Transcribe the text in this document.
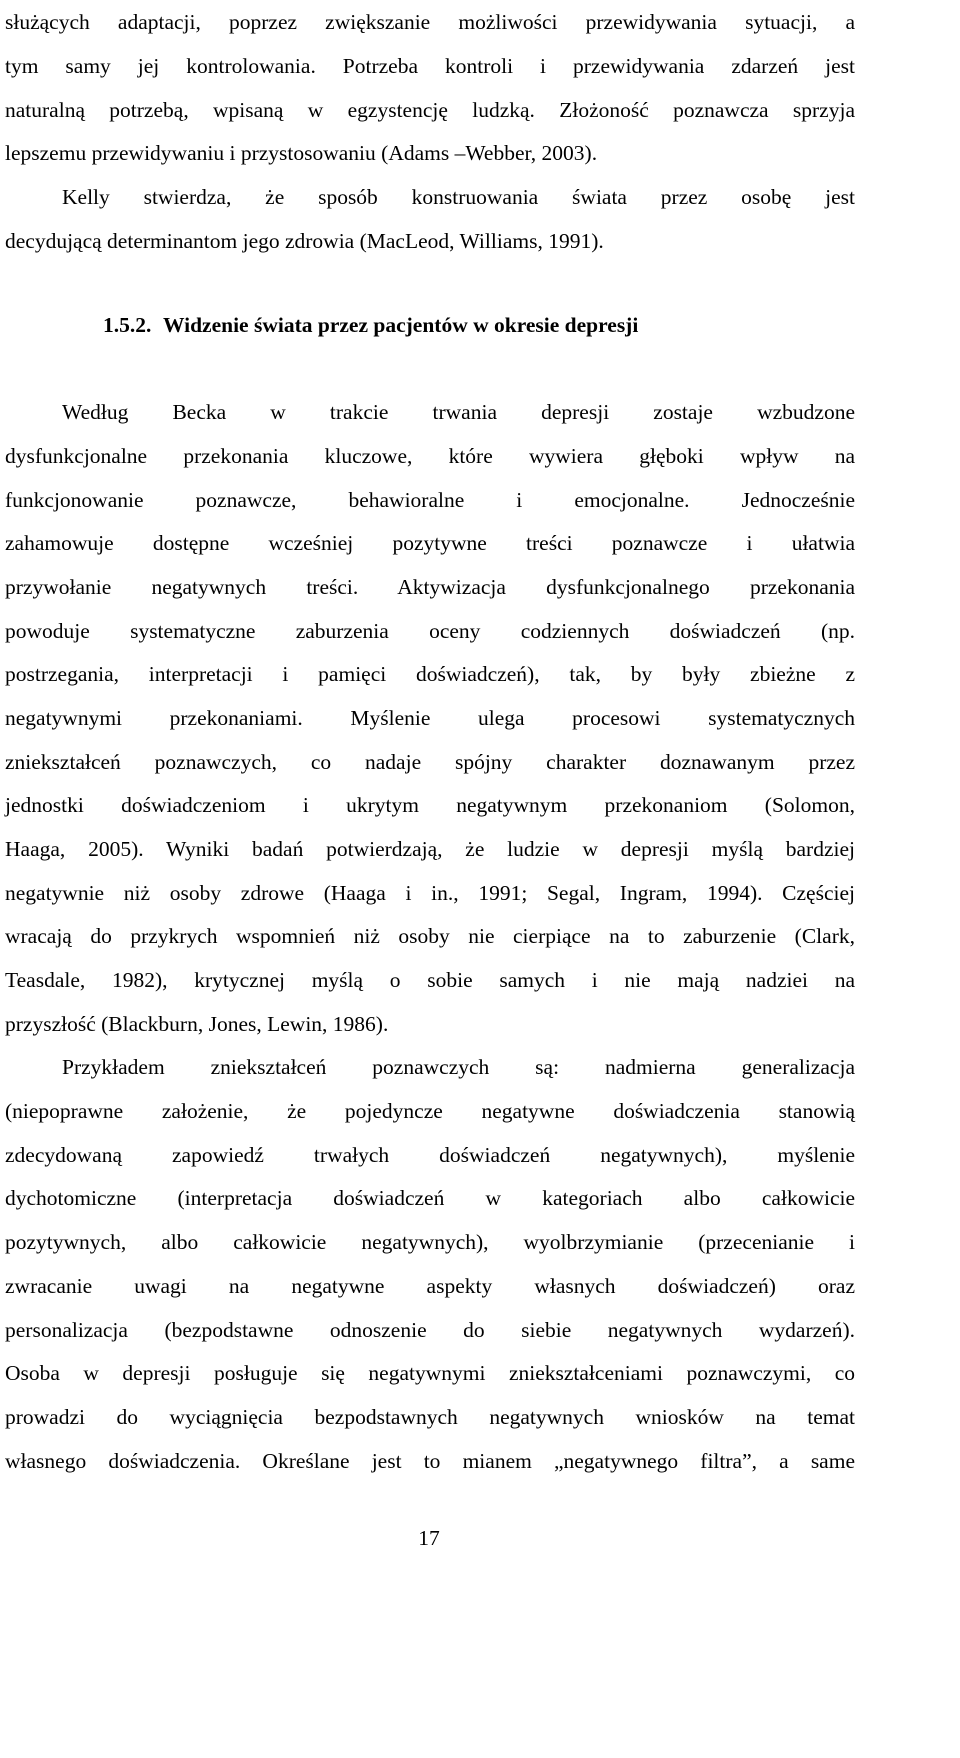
służących adaptacji, poprzez zwiększanie możliwości przewidywania sytuacji, a
tym samy jej kontrolowania. Potrzeba kontroli i przewidywania zdarzeń jest
naturalną potrzebą, wpisaną w egzystencję ludzką. Złożoność poznawcza sprzyja
lepszemu przewidywaniu i przystosowaniu (Adams –Webber, 2003).
Kelly stwierdza, że sposób konstruowania świata przez osobę jest
decydującą determinantom jego zdrowia (MacLeod, Williams, 1991).
1.5.2. Widzenie świata przez pacjentów w okresie depresji
Według Becka w trakcie trwania depresji zostaje wzbudzone
dysfunkcjonalne przekonania kluczowe, które wywiera głęboki wpływ na
funkcjonowanie poznawcze, behawioralne i emocjonalne. Jednocześnie
zahamowuje dostępne wcześniej pozytywne treści poznawcze i ułatwia
przywołanie negatywnych treści. Aktywizacja dysfunkcjonalnego przekonania
powoduje systematyczne zaburzenia oceny codziennych doświadczeń (np.
postrzegania, interpretacji i pamięci doświadczeń), tak, by były zbieżne z
negatywnymi przekonaniami. Myślenie ulega procesowi systematycznych
zniekształceń poznawczych, co nadaje spójny charakter doznawanym przez
jednostki doświadczeniom i ukrytym negatywnym przekonaniom (Solomon,
Haaga, 2005). Wyniki badań potwierdzają, że ludzie w depresji myślą bardziej
negatywnie niż osoby zdrowe (Haaga i in., 1991; Segal, Ingram, 1994). Częściej
wracają do przykrych wspomnień niż osoby nie cierpiące na to zaburzenie (Clark,
Teasdale, 1982), krytycznej myślą o sobie samych i nie mają nadziei na
przyszłość (Blackburn, Jones, Lewin, 1986).
Przykładem zniekształceń poznawczych są: nadmierna generalizacja
(niepoprawne założenie, że pojedyncze negatywne doświadczenia stanowią
zdecydowaną zapowiedź trwałych doświadczeń negatywnych), myślenie
dychotomiczne (interpretacja doświadczeń w kategoriach albo całkowicie
pozytywnych, albo całkowicie negatywnych), wyolbrzymianie (przecenianie i
zwracanie uwagi na negatywne aspekty własnych doświadczeń) oraz
personalizacja (bezpodstawne odnoszenie do siebie negatywnych wydarzeń).
Osoba w depresji posługuje się negatywnymi zniekształceniami poznawczymi, co
prowadzi do wyciągnięcia bezpodstawnych negatywnych wniosków na temat
własnego doświadczenia. Określane jest to mianem „negatywnego filtra”, a same
17
